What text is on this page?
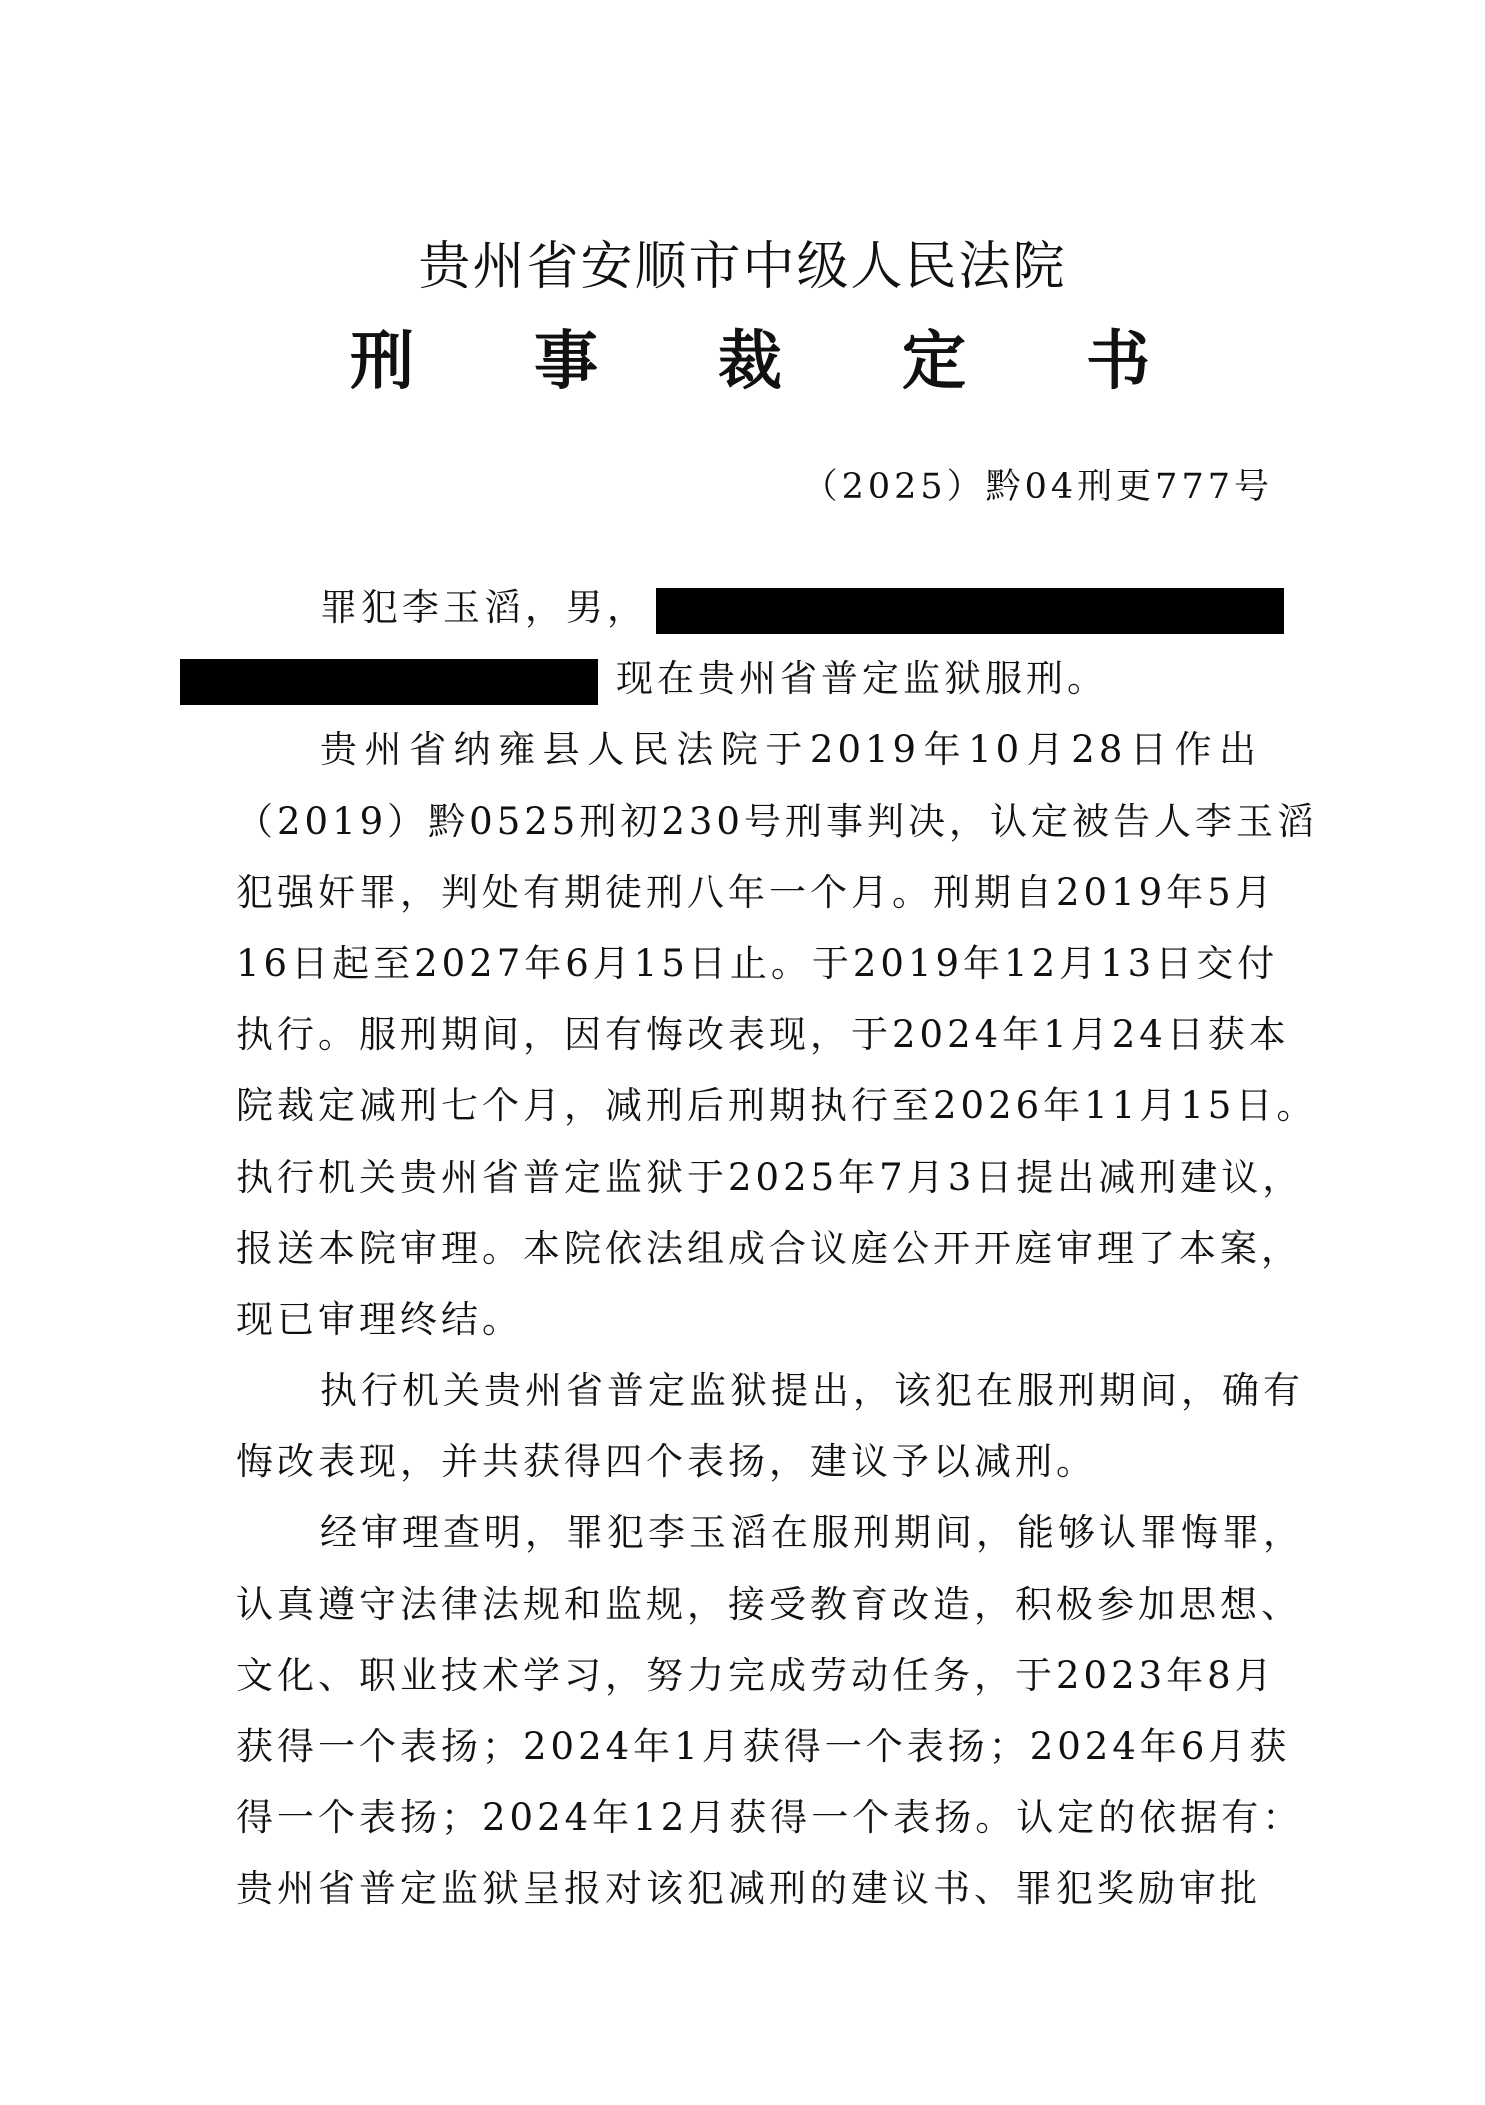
贵州省安顺市中级人民法院
刑 事 裁 定 书
（2025）黔04刑更777号
罪犯李玉滔，男，
现在贵州省普定监狱服刑。
贵州省纳雍县人民法院于2019年10月28日作出
（2019）黔0525刑初230号刑事判决，认定被告人李玉滔
犯强奸罪，判处有期徒刑八年一个月。刑期自2019年5月
16日起至2027年6月15日止。于2019年12月13日交付
执行。服刑期间，因有悔改表现，于2024年1月24日获本
院裁定减刑七个月，减刑后刑期执行至2026年11月15日。
执行机关贵州省普定监狱于2025年7月3日提出减刑建议，
报送本院审理。本院依法组成合议庭公开开庭审理了本案，
现已审理终结。
执行机关贵州省普定监狱提出，该犯在服刑期间，确有
悔改表现，并共获得四个表扬，建议予以减刑。
经审理查明，罪犯李玉滔在服刑期间，能够认罪悔罪，
认真遵守法律法规和监规，接受教育改造，积极参加思想、
文化、职业技术学习，努力完成劳动任务，于2023年8月
获得一个表扬；2024年1月获得一个表扬；2024年6月获
得一个表扬；2024年12月获得一个表扬。认定的依据有：
贵州省普定监狱呈报对该犯减刑的建议书、罪犯奖励审批
